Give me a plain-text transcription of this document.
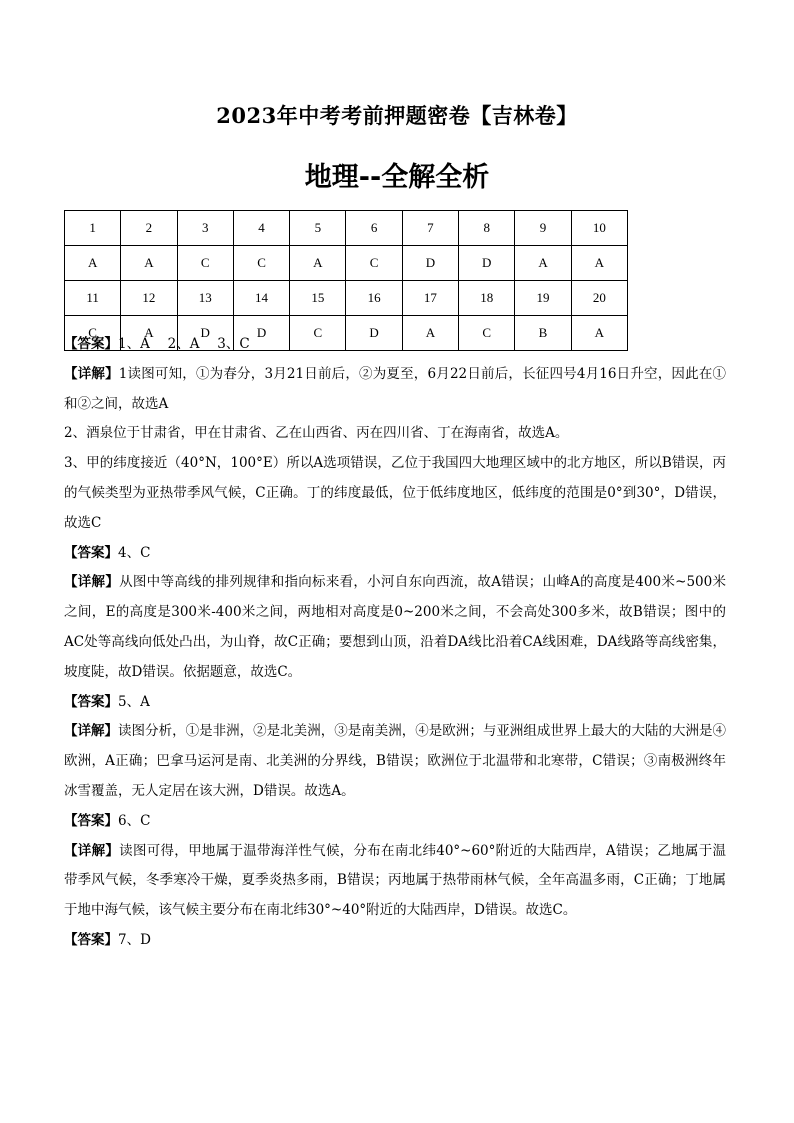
2023年中考考前押题密卷【吉林卷】
地理--全解全析
1	2	3	4	5	6	7	8	9	10
A	A	C	C	A	C	D	D	A	A
11	12	13	14	15	16	17	18	19	20
C	A	D	D	C	D	A	C	B	A

【答案】1、A　 2、A　 3、C

【详解】1读图可知，①为春分，3月21日前后，②为夏至，6月22日前后，长征四号4月16日升空，因此在①和②之间，故选A

2、酒泉位于甘肃省，甲在甘肃省、乙在山西省、丙在四川省、丁在海南省，故选A。

3、甲的纬度接近（40°N，100°E）所以A选项错误，乙位于我国四大地理区域中的北方地区，所以B错误，丙的气候类型为亚热带季风气候，C正确。丁的纬度最低，位于低纬度地区，低纬度的范围是0°到30°，D错误，故选C

【答案】4、C

【详解】从图中等高线的排列规律和指向标来看，小河自东向西流，故A错误；山峰A的高度是400米~500米之间，E的高度是300米-400米之间，两地相对高度是0~200米之间，不会高处300多米，故B错误；图中的AC处等高线向低处凸出，为山脊，故C正确；要想到山顶，沿着DA线比沿着CA线困难，DA线路等高线密集，坡度陡，故D错误。依据题意，故选C。

【答案】5、A

【详解】读图分析，①是非洲，②是北美洲，③是南美洲，④是欧洲；与亚洲组成世界上最大的大陆的大洲是④欧洲，A正确；巴拿马运河是南、北美洲的分界线，B错误；欧洲位于北温带和北寒带，C错误；③南极洲终年冰雪覆盖，无人定居在该大洲，D错误。故选A。

【答案】6、C

【详解】读图可得，甲地属于温带海洋性气候，分布在南北纬40°~60°附近的大陆西岸，A错误；乙地属于温带季风气候，冬季寒冷干燥，夏季炎热多雨，B错误；丙地属于热带雨林气候，全年高温多雨，C正确；丁地属于地中海气候，该气候主要分布在南北纬30°~40°附近的大陆西岸，D错误。故选C。

【答案】7、D
